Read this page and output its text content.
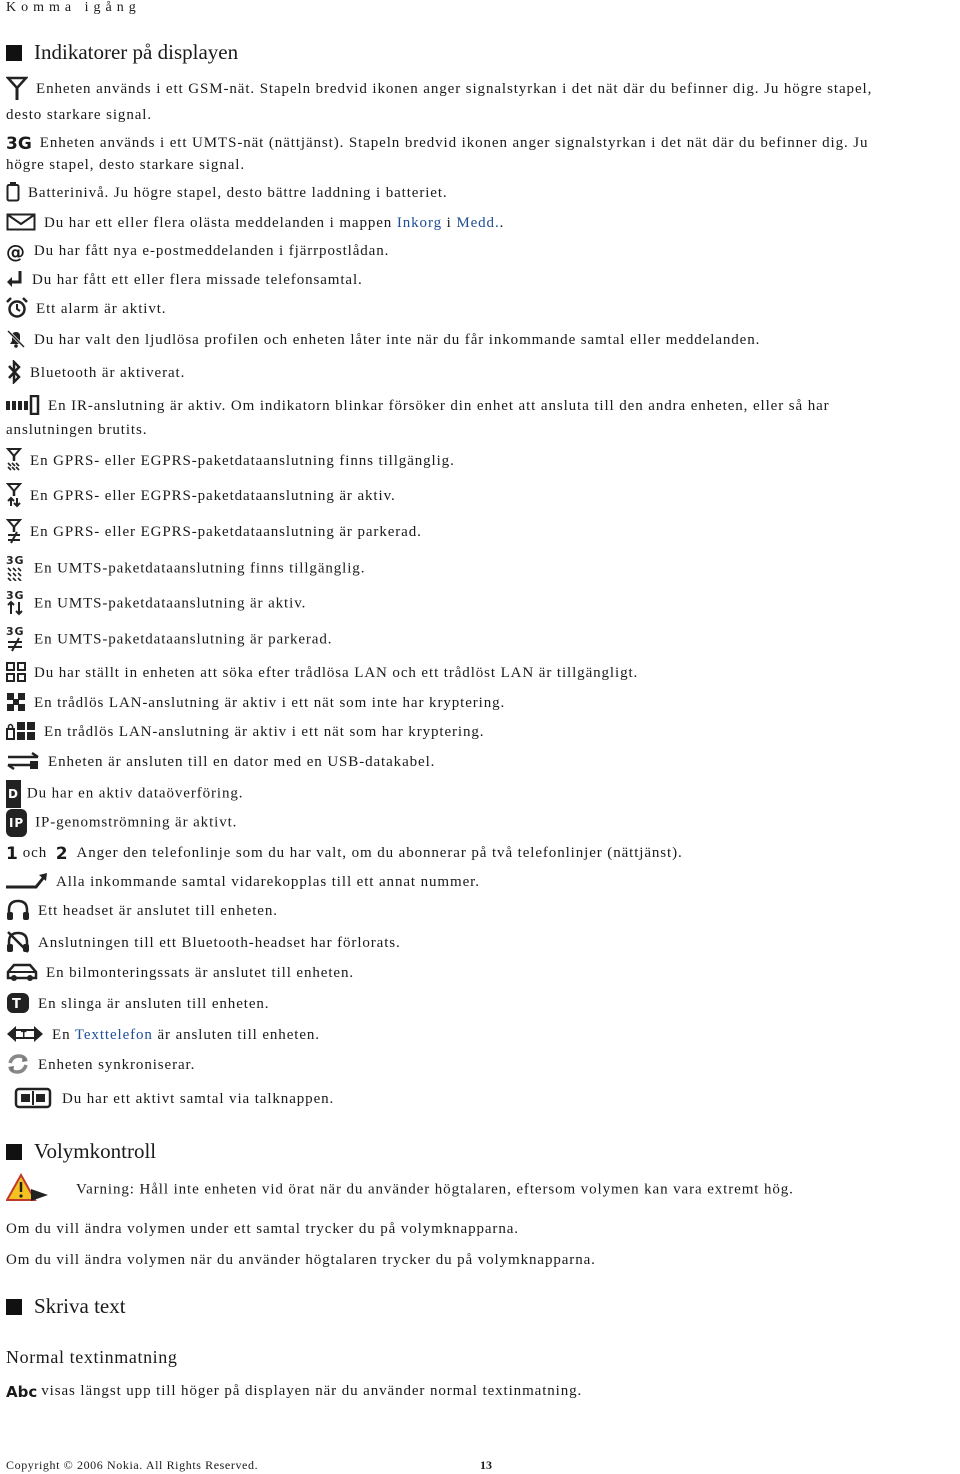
Komma igång
Indikatorer på displayen
Enheten används i ett GSM-nät. Stapeln bredvid ikonen anger signalstyrkan i det nät där du befinner dig. Ju högre stapel,
desto starkare signal.
3G Enheten används i ett UMTS-nät (nättjänst). Stapeln bredvid ikonen anger signalstyrkan i det nät där du befinner dig. Ju
högre stapel, desto starkare signal.
Batterinivå. Ju högre stapel, desto bättre laddning i batteriet.
Du har ett eller flera olästa meddelanden i mappen Inkorg i Medd..
@ Du har fått nya e-postmeddelanden i fjärrpostlådan.
Du har fått ett eller flera missade telefonsamtal.
Ett alarm är aktivt.
Du har valt den ljudlösa profilen och enheten låter inte när du får inkommande samtal eller meddelanden.
Bluetooth är aktiverat.
En IR-anslutning är aktiv. Om indikatorn blinkar försöker din enhet att ansluta till den andra enheten, eller så har
anslutningen brutits.
En GPRS- eller EGPRS-paketdataanslutning finns tillgänglig.
En GPRS- eller EGPRS-paketdataanslutning är aktiv.
En GPRS- eller EGPRS-paketdataanslutning är parkerad.
3G En UMTS-paketdataanslutning finns tillgänglig.
3G En UMTS-paketdataanslutning är aktiv.
3G En UMTS-paketdataanslutning är parkerad.
Du har ställt in enheten att söka efter trådlösa LAN och ett trådlöst LAN är tillgängligt.
En trådlös LAN-anslutning är aktiv i ett nät som inte har kryptering.
En trådlös LAN-anslutning är aktiv i ett nät som har kryptering.
Enheten är ansluten till en dator med en USB-datakabel.
D Du har en aktiv dataöverföring.
IP IP-genomströmning är aktivt.
1 och 2 Anger den telefonlinje som du har valt, om du abonnerar på två telefonlinjer (nättjänst).
Alla inkommande samtal vidarekopplas till ett annat nummer.
Ett headset är anslutet till enheten.
Anslutningen till ett Bluetooth-headset har förlorats.
En bilmonteringssats är anslutet till enheten.
T En slinga är ansluten till enheten.
T En Texttelefon är ansluten till enheten.
Enheten synkroniserar.
Du har ett aktivt samtal via talknappen.
Volymkontroll
Varning: Håll inte enheten vid örat när du använder högtalaren, eftersom volymen kan vara extremt hög.
Om du vill ändra volymen under ett samtal trycker du på volymknapparna.
Om du vill ändra volymen när du använder högtalaren trycker du på volymknapparna.
Skriva text
Normal textinmatning
Abc visas längst upp till höger på displayen när du använder normal textinmatning.
Copyright © 2006 Nokia. All Rights Reserved.	13
